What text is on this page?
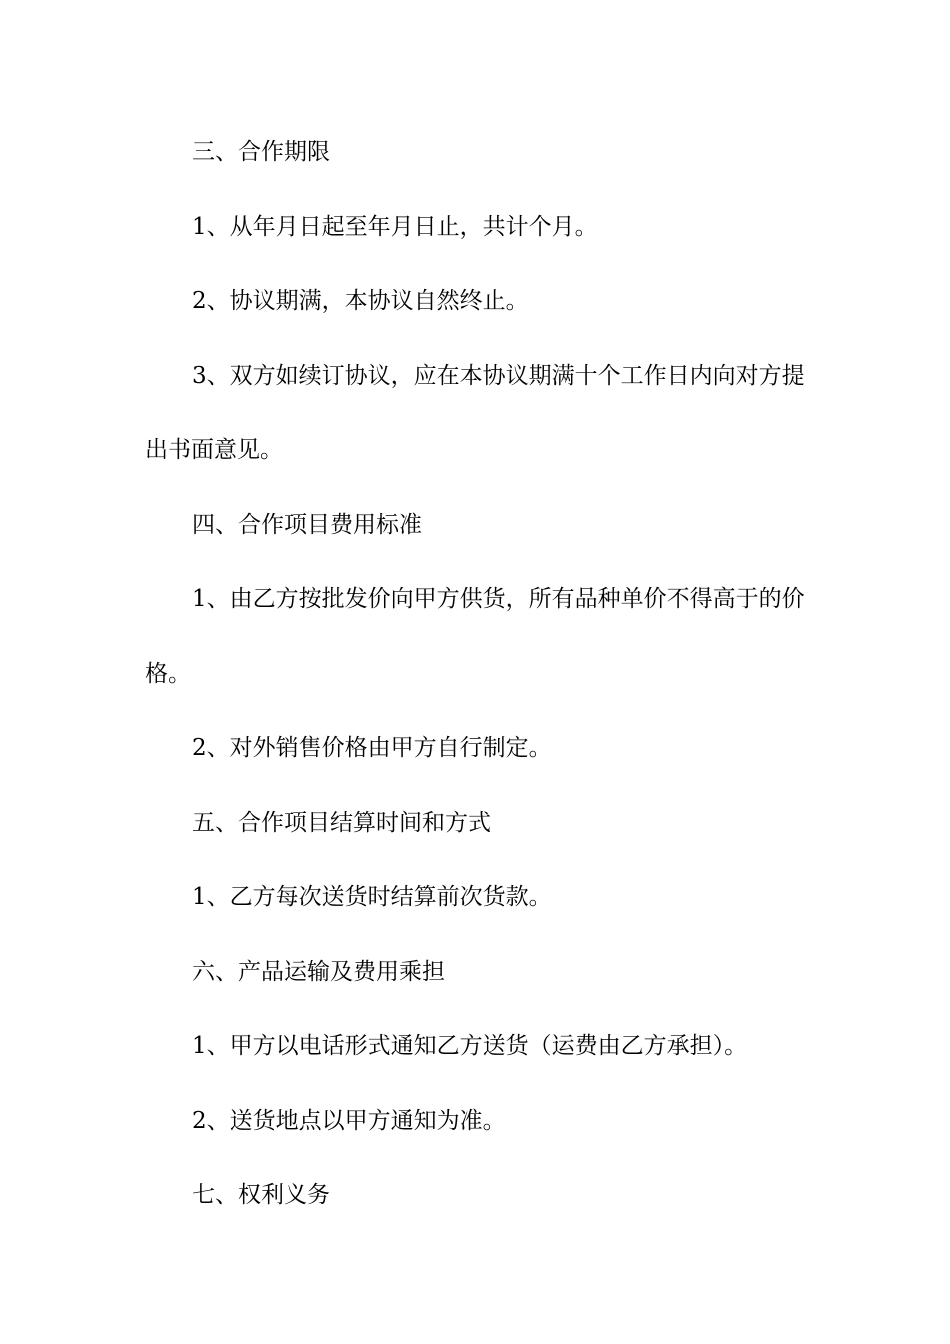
三、合作期限

1、从年月日起至年月日止，共计个月。

2、协议期满，本协议自然终止。

3、双方如续订协议，应在本协议期满十个工作日内向对方提出书面意见。

四、合作项目费用标准

1、由乙方按批发价向甲方供货，所有品种单价不得高于的价格。

2、对外销售价格由甲方自行制定。

五、合作项目结算时间和方式

1、乙方每次送货时结算前次货款。

六、产品运输及费用乘担

1、甲方以电话形式通知乙方送货（运费由乙方承担）。

2、送货地点以甲方通知为准。

七、权利义务
